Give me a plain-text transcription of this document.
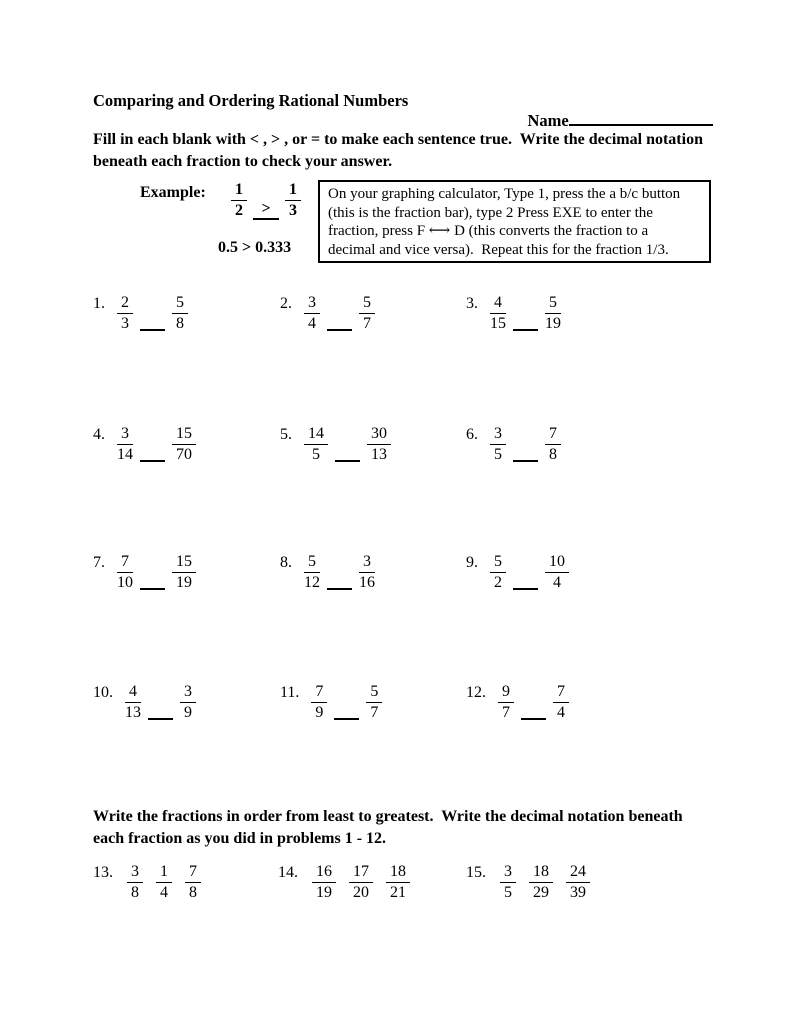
Comparing and Ordering Rational Numbers

Name

Fill in each blank with < , > , or = to make each sentence true.  Write the decimal notation
beneath each fraction to check your answer.
Example: $\frac{1}{2} > \frac{1}{3}$
0.5 > 0.333
On your graphing calculator, Type 1, press the a b/c button
(this is the fraction bar), type 2 Press EXE to enter the
fraction, press F ⟷ D (this converts the fraction to a
decimal and vice versa).  Repeat this for the fraction 1/3.
1. $\frac{2}{3} \frac{5}{8}$	2. $\frac{3}{4} \frac{5}{7}$	3. $\frac{4}{15} \frac{5}{19}$
4. $\frac{3}{14} \frac{15}{70}$	5. $\frac{14}{5} \frac{30}{13}$	6. $\frac{3}{5} \frac{7}{8}$
7. $\frac{7}{10} \frac{15}{19}$	8. $\frac{5}{12} \frac{3}{16}$	9. $\frac{5}{2} \frac{10}{4}$
10. $\frac{4}{13} \frac{3}{9}$	11. $\frac{7}{9} \frac{5}{7}$	12. $\frac{9}{7} \frac{7}{4}$
Write the fractions in order from least to greatest.  Write the decimal notation beneath
each fraction as you did in problems 1 - 12.
13. $\frac{3}{8} \frac{1}{4} \frac{7}{8}$	14. $\frac{16}{19} \frac{17}{20} \frac{18}{21}$	15. $\frac{3}{5} \frac{18}{29} \frac{24}{39}$
